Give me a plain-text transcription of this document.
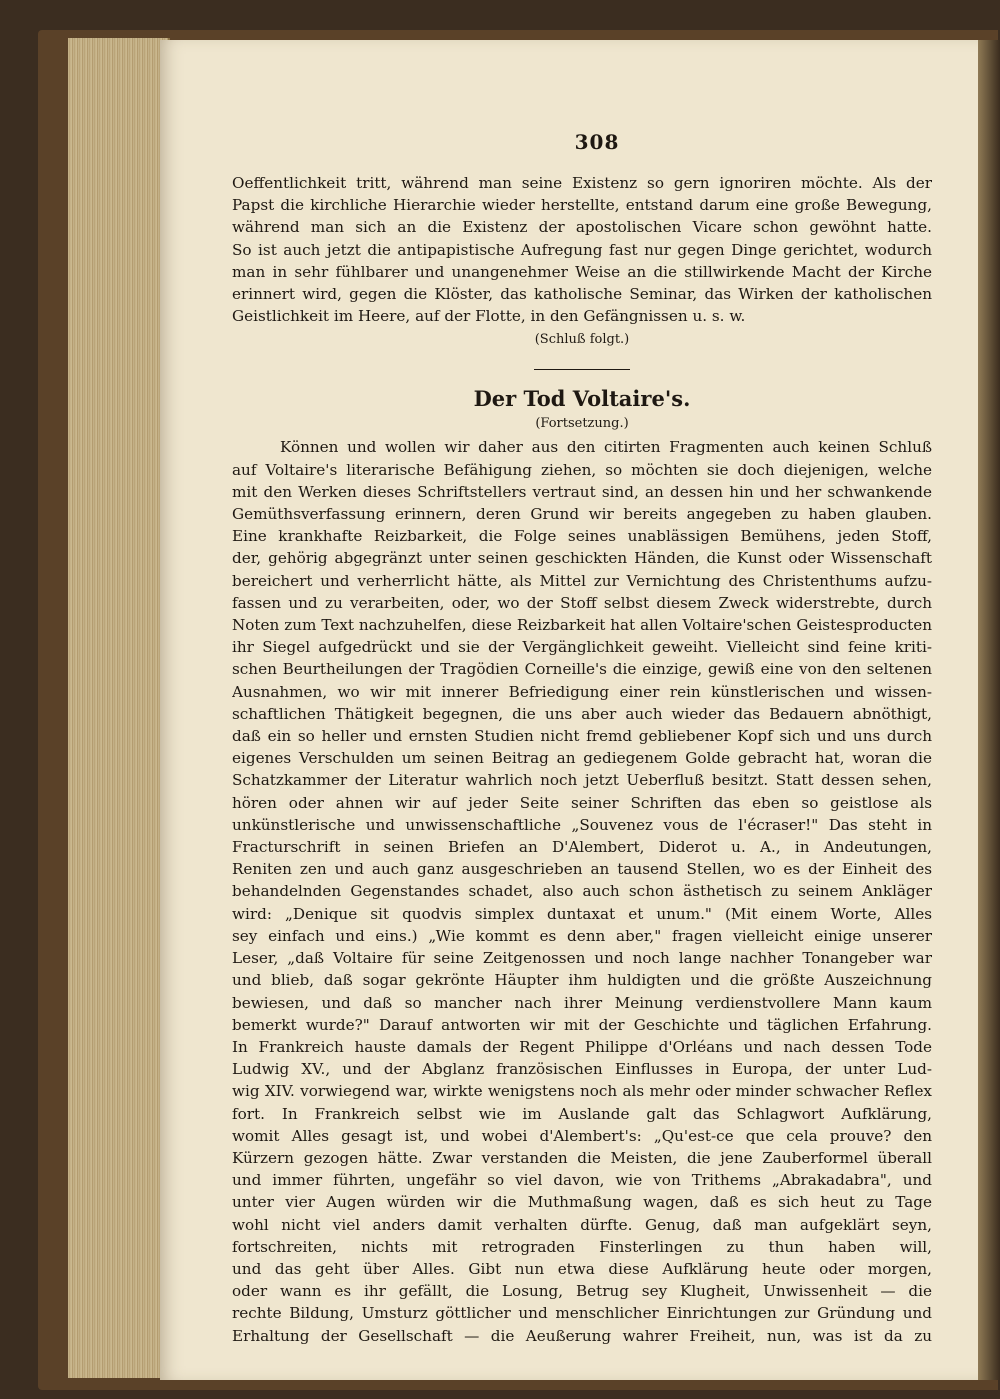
308
Oeffentlichkeit tritt, während man seine Existenz so gern ignoriren möchte. Als der
Papst die kirchliche Hierarchie wieder herstellte, entstand darum eine große Bewegung,
während man sich an die Existenz der apostolischen Vicare schon gewöhnt hatte.
So ist auch jetzt die antipapistische Aufregung fast nur gegen Dinge gerichtet, wodurch
man in sehr fühlbarer und unangenehmer Weise an die stillwirkende Macht der Kirche
erinnert wird, gegen die Klöster, das katholische Seminar, das Wirken der katholischen
Geistlichkeit im Heere, auf der Flotte, in den Gefängnissen u. s. w.
(Schluß folgt.)
Der Tod Voltaire's.
(Fortsetzung.)
Können und wollen wir daher aus den citirten Fragmenten auch keinen Schluß
auf Voltaire's literarische Befähigung ziehen, so möchten sie doch diejenigen, welche
mit den Werken dieses Schriftstellers vertraut sind, an dessen hin und her schwankende
Gemüthsverfassung erinnern, deren Grund wir bereits angegeben zu haben glauben.
Eine krankhafte Reizbarkeit, die Folge seines unablässigen Bemühens, jeden Stoff,
der, gehörig abgegränzt unter seinen geschickten Händen, die Kunst oder Wissenschaft
bereichert und verherrlicht hätte, als Mittel zur Vernichtung des Christenthums aufzu-
fassen und zu verarbeiten, oder, wo der Stoff selbst diesem Zweck widerstrebte, durch
Noten zum Text nachzuhelfen, diese Reizbarkeit hat allen Voltaire'schen Geistesproducten
ihr Siegel aufgedrückt und sie der Vergänglichkeit geweiht. Vielleicht sind feine kriti-
schen Beurtheilungen der Tragödien Corneille's die einzige, gewiß eine von den seltenen
Ausnahmen, wo wir mit innerer Befriedigung einer rein künstlerischen und wissen-
schaftlichen Thätigkeit begegnen, die uns aber auch wieder das Bedauern abnöthigt,
daß ein so heller und ernsten Studien nicht fremd gebliebener Kopf sich und uns durch
eigenes Verschulden um seinen Beitrag an gediegenem Golde gebracht hat, woran die
Schatzkammer der Literatur wahrlich noch jetzt Ueberfluß besitzt. Statt dessen sehen,
hören oder ahnen wir auf jeder Seite seiner Schriften das eben so geistlose als
unkünstlerische und unwissenschaftliche „Souvenez vous de l'écraser!" Das steht in
Fracturschrift in seinen Briefen an D'Alembert, Diderot u. A., in Andeutungen,
Reniten zen und auch ganz ausgeschrieben an tausend Stellen, wo es der Einheit des
behandelnden Gegenstandes schadet, also auch schon ästhetisch zu seinem Ankläger
wird: „Denique sit quodvis simplex duntaxat et unum." (Mit einem Worte, Alles
sey einfach und eins.) „Wie kommt es denn aber," fragen vielleicht einige unserer
Leser, „daß Voltaire für seine Zeitgenossen und noch lange nachher Tonangeber war
und blieb, daß sogar gekrönte Häupter ihm huldigten und die größte Auszeichnung
bewiesen, und daß so mancher nach ihrer Meinung verdienstvollere Mann kaum
bemerkt wurde?" Darauf antworten wir mit der Geschichte und täglichen Erfahrung.
In Frankreich hauste damals der Regent Philippe d'Orléans und nach dessen Tode
Ludwig XV., und der Abglanz französischen Einflusses in Europa, der unter Lud-
wig XIV. vorwiegend war, wirkte wenigstens noch als mehr oder minder schwacher Reflex
fort. In Frankreich selbst wie im Auslande galt das Schlagwort Aufklärung,
womit Alles gesagt ist, und wobei d'Alembert's: „Qu'est-ce que cela prouve? den
Kürzern gezogen hätte. Zwar verstanden die Meisten, die jene Zauberformel überall
und immer führten, ungefähr so viel davon, wie von Trithems „Abrakadabra", und
unter vier Augen würden wir die Muthmaßung wagen, daß es sich heut zu Tage
wohl nicht viel anders damit verhalten dürfte. Genug, daß man aufgeklärt seyn,
fortschreiten, nichts mit retrograden Finsterlingen zu thun haben will,
und das geht über Alles. Gibt nun etwa diese Aufklärung heute oder morgen,
oder wann es ihr gefällt, die Losung, Betrug sey Klugheit, Unwissenheit — die
rechte Bildung, Umsturz göttlicher und menschlicher Einrichtungen zur Gründung und
Erhaltung der Gesellschaft — die Aeußerung wahrer Freiheit, nun, was ist da zu
